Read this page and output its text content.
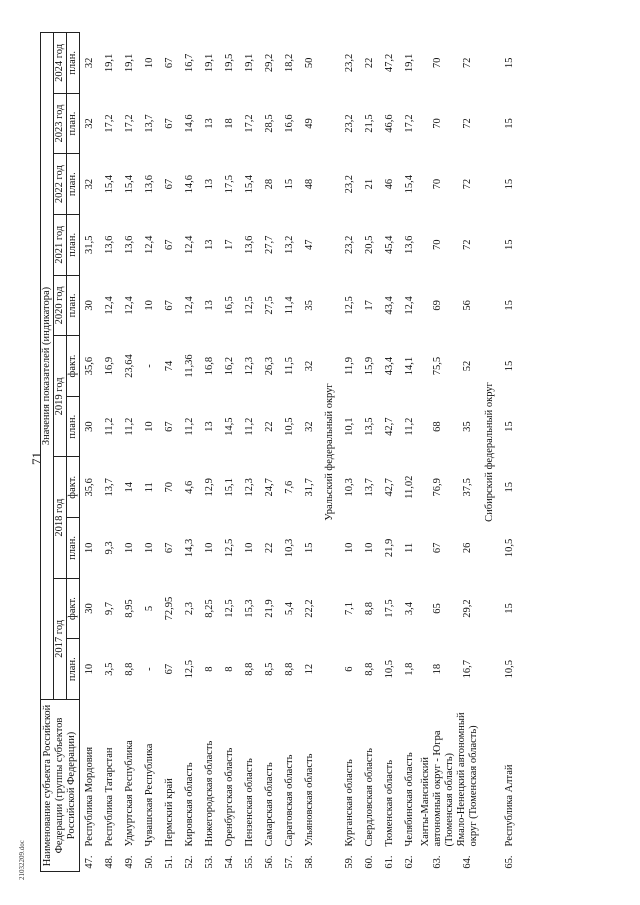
71
Наименование субъекта Российской Федерации (группы субъектов Российской Федерации)		Значения показателей (индикатора)										
		2017 год		2018 год		2019 год		2020 год	2021 год	2022 год	2023 год	2024 год
		план.	факт.	план.	факт.	план.	факт.	план.	план.	план.	план.	план.
47.	Республика Мордовия	10	30	10	35,6	30	35,6	30	31,5	32	32	32
48.	Республика Татарстан	3,5	9,7	9,3	13,7	11,2	16,9	12,4	13,6	15,4	17,2	19,1
49.	Удмуртская Республика	8,8	8,95	10	14	11,2	23,64	12,4	13,6	15,4	17,2	19,1
50.	Чувашская Республика	-	5	10	11	10	-	10	12,4	13,6	13,7	10
51.	Пермский край	67	72,95	67	70	67	74	67	67	67	67	67
52.	Кировская область	12,5	2,3	14,3	4,6	11,2	11,36	12,4	12,4	14,6	14,6	16,7
53.	Нижегородская область	8	8,25	10	12,9	13	16,8	13	13	13	13	19,1
54.	Оренбургская область	8	12,5	12,5	15,1	14,5	16,2	16,5	17	17,5	18	19,5
55.	Пензенская область	8,8	15,3	10	12,3	11,2	12,3	12,5	13,6	15,4	17,2	19,1
56.	Самарская область	8,5	21,9	22	24,7	22	26,3	27,5	27,7	28	28,5	29,2
57.	Саратовская область	8,8	5,4	10,3	7,6	10,5	11,5	11,4	13,2	15	16,6	18,2
58.	Ульяновская область	12	22,2	15	31,7	32	32	35	47	48	49	50
Уральский федеральный округ												
59.	Курганская область	6	7,1	10	10,3	10,1	11,9	12,5	23,2	23,2	23,2	23,2
60.	Свердловская область	8,8	8,8	10	13,7	13,5	15,9	17	20,5	21	21,5	22
61.	Тюменская область	10,5	17,5	21,9	42,7	42,7	43,4	43,4	45,4	46	46,6	47,2
62.	Челябинская область	1,8	3,4	11	11,02	11,2	14,1	12,4	13,6	15,4	17,2	19,1
63.	Ханты-Мансийский автономный округ - Югра (Тюменская область)	18	65	67	76,9	68	75,5	69	70	70	70	70
64.	Ямало-Ненецкий автономный округ (Тюменская область)	16,7	29,2	26	37,5	35	52	56	72	72	72	72
Сибирский федеральный округ												
65.	Республика Алтай	10,5	15	10,5	15	15	15	15	15	15	15	15
21032209.doc
